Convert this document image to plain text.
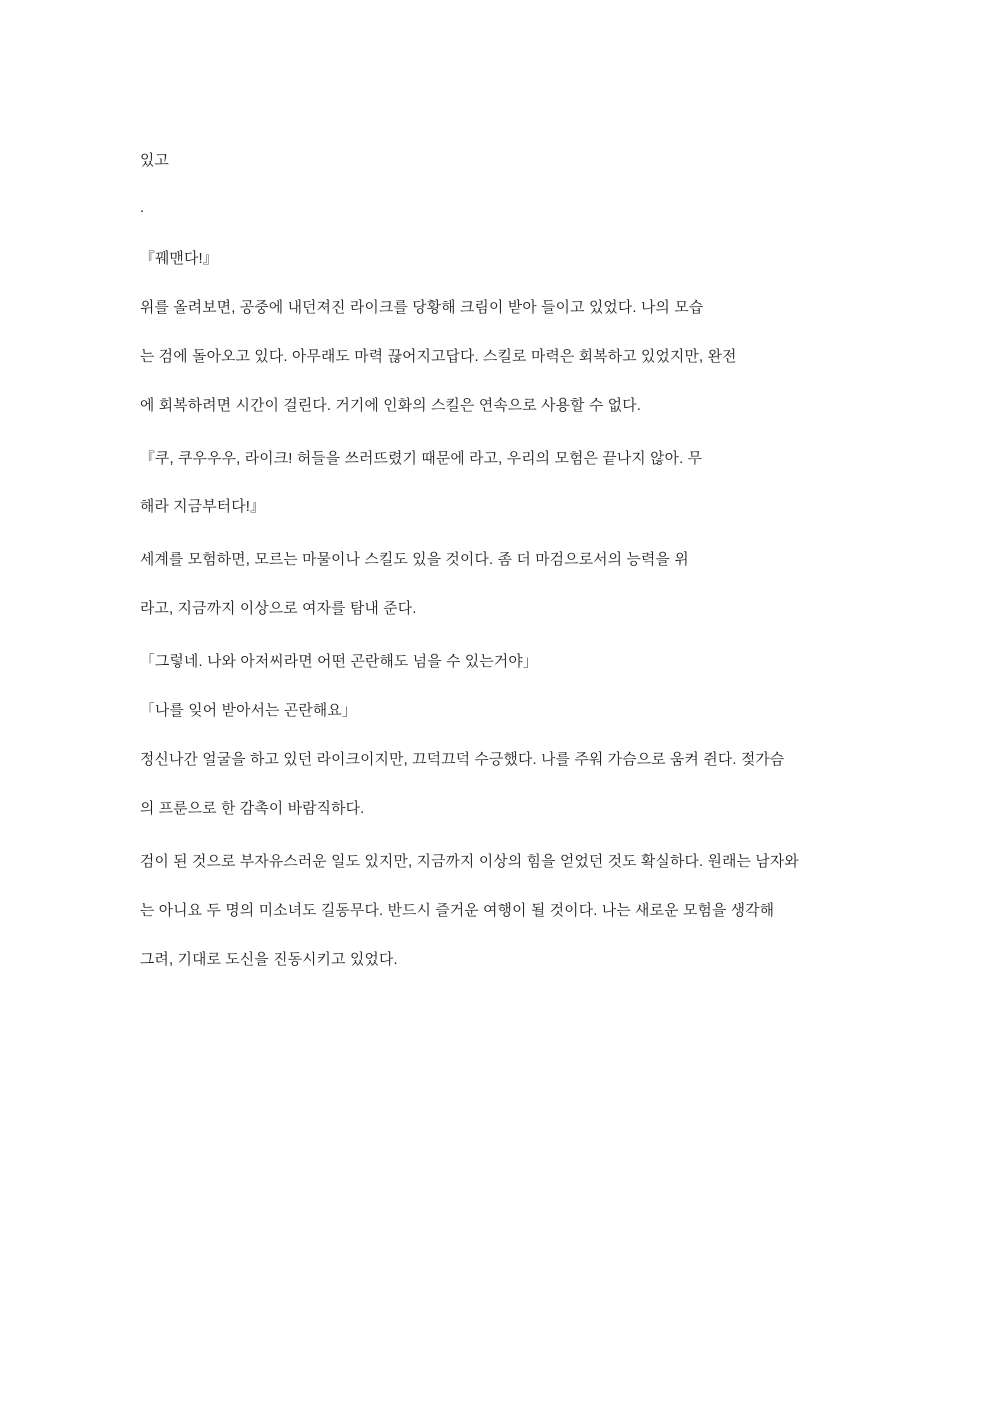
있고

.

『꿰맨다!』

위를 올려보면, 공중에 내던져진 라이크를 당황해 크림이 받아 들이고 있었다. 나의 모습

는 검에 돌아오고 있다. 아무래도 마력 끊어지고답다. 스킬로 마력은 회복하고 있었지만, 완전

에 회복하려면 시간이 걸린다. 거기에 인화의 스킬은 연속으로 사용할 수 없다.

『쿠, 쿠우우우, 라이크! 허들을 쓰러뜨렸기 때문에 라고, 우리의 모험은 끝나지 않아. 무

해라 지금부터다!』

세계를 모험하면, 모르는 마물이나 스킬도 있을 것이다. 좀 더 마검으로서의 능력을 위

라고, 지금까지 이상으로 여자를 탐내 준다.

「그렇네. 나와 아저씨라면 어떤 곤란해도 넘을 수 있는거야」

「나를 잊어 받아서는 곤란해요」

정신나간 얼굴을 하고 있던 라이크이지만, 끄덕끄덕 수긍했다. 나를 주워 가슴으로 움켜 쥔다. 젖가슴

의 프룬으로 한 감촉이 바람직하다.

검이 된 것으로 부자유스러운 일도 있지만, 지금까지 이상의 힘을 얻었던 것도 확실하다. 원래는 남자와

는 아니요 두 명의 미소녀도 길동무다. 반드시 즐거운 여행이 될 것이다. 나는 새로운 모험을 생각해

그려, 기대로 도신을 진동시키고 있었다.
